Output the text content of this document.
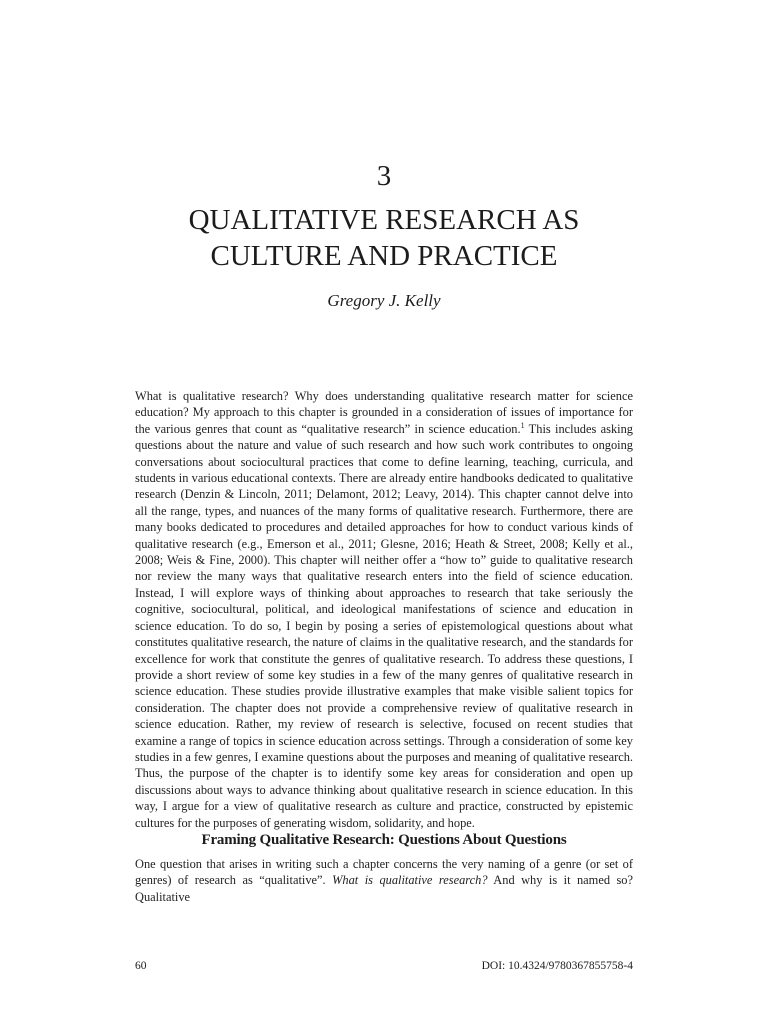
3
QUALITATIVE RESEARCH AS
CULTURE AND PRACTICE
Gregory J. Kelly

What is qualitative research? Why does understanding qualitative research matter for science education? My approach to this chapter is grounded in a consideration of issues of importance for the various genres that count as “qualitative research” in science education.$^1$ This includes asking questions about the nature and value of such research and how such work contributes to ongoing conversations about sociocultural practices that come to define learning, teaching, curricula, and students in various educational contexts. There are already entire handbooks dedicated to qualitative research (Denzin & Lincoln, 2011; Delamont, 2012; Leavy, 2014). This chapter cannot delve into all the range, types, and nuances of the many forms of qualitative research. Furthermore, there are many books dedicated to procedures and detailed approaches for how to conduct various kinds of qualitative research (e.g., Emerson et al., 2011; Glesne, 2016; Heath & Street, 2008; Kelly et al., 2008; Weis & Fine, 2000). This chapter will neither offer a “how to” guide to qualitative research nor review the many ways that qualitative research enters into the field of science education. Instead, I will explore ways of thinking about approaches to research that take seriously the cognitive, sociocultural, political, and ideological manifestations of science and education in science education. To do so, I begin by posing a series of epistemological questions about what constitutes qualitative research, the nature of claims in the qualitative research, and the standards for excellence for work that constitute the genres of qualitative research. To address these questions, I provide a short review of some key studies in a few of the many genres of qualitative research in science education. These studies provide illustrative examples that make visible salient topics for consideration. The chapter does not provide a comprehensive review of qualitative research in science education. Rather, my review of research is selective, focused on recent studies that examine a range of topics in science education across settings. Through a consideration of some key studies in a few genres, I examine questions about the purposes and meaning of qualitative research. Thus, the purpose of the chapter is to identify some key areas for consideration and open up discussions about ways to advance thinking about qualitative research in science education. In this way, I argue for a view of qualitative research as culture and practice, constructed by epistemic cultures for the purposes of generating wisdom, solidarity, and hope.

Framing Qualitative Research: Questions About Questions

One question that arises in writing such a chapter concerns the very naming of a genre (or set of genres) of research as “qualitative”. What is qualitative research? And why is it named so? Qualitative

60	DOI: 10.4324/9780367855758-4
